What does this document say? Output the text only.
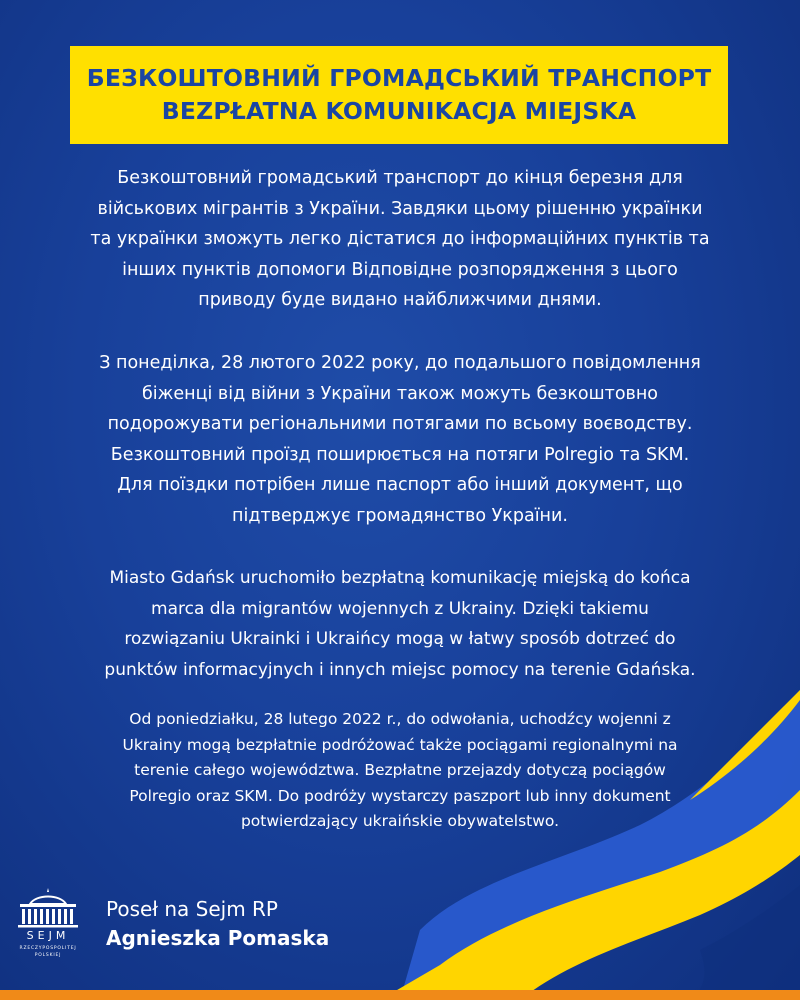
БЕЗКОШТОВНИЙ ГРОМАДСЬКИЙ ТРАНСПОРТ
BEZPŁATNA KOMUNIKACJA MIEJSKA
Безкоштовний громадський транспорт до кінця березня для
військових мігрантів з України. Завдяки цьому рішенню українки
та українки зможуть легко дістатися до інформаційних пунктів та
інших пунктів допомоги Відповідне розпорядження з цього
приводу буде видано найближчими днями.
З понеділка, 28 лютого 2022 року, до подальшого повідомлення
біженці від війни з України також можуть безкоштовно
подорожувати регіональними потягами по всьому воєводству.
Безкоштовний проїзд поширюється на потяги Polregio та SKM.
Для поїздки потрібен лише паспорт або інший документ, що
підтверджує громадянство України.
Miasto Gdańsk uruchomiło bezpłatną komunikację miejską do końca
marca dla migrantów wojennych z Ukrainy. Dzięki takiemu
rozwiązaniu Ukrainki i Ukraińcy mogą w łatwy sposób dotrzeć do
punktów informacyjnych i innych miejsc pomocy na terenie Gdańska.
Od poniedziałku, 28 lutego 2022 r., do odwołania, uchodźcy wojenni z
Ukrainy mogą bezpłatnie podróżować także pociągami regionalnymi na
terenie całego województwa. Bezpłatne przejazdy dotyczą pociągów
Polregio oraz SKM. Do podróży wystarczy paszport lub inny dokument
potwierdzający ukraińskie obywatelstwo.
SEJM
RZECZYPOSPOLITEJ
POLSKIEJ
Poseł na Sejm RP
Agnieszka Pomaska
